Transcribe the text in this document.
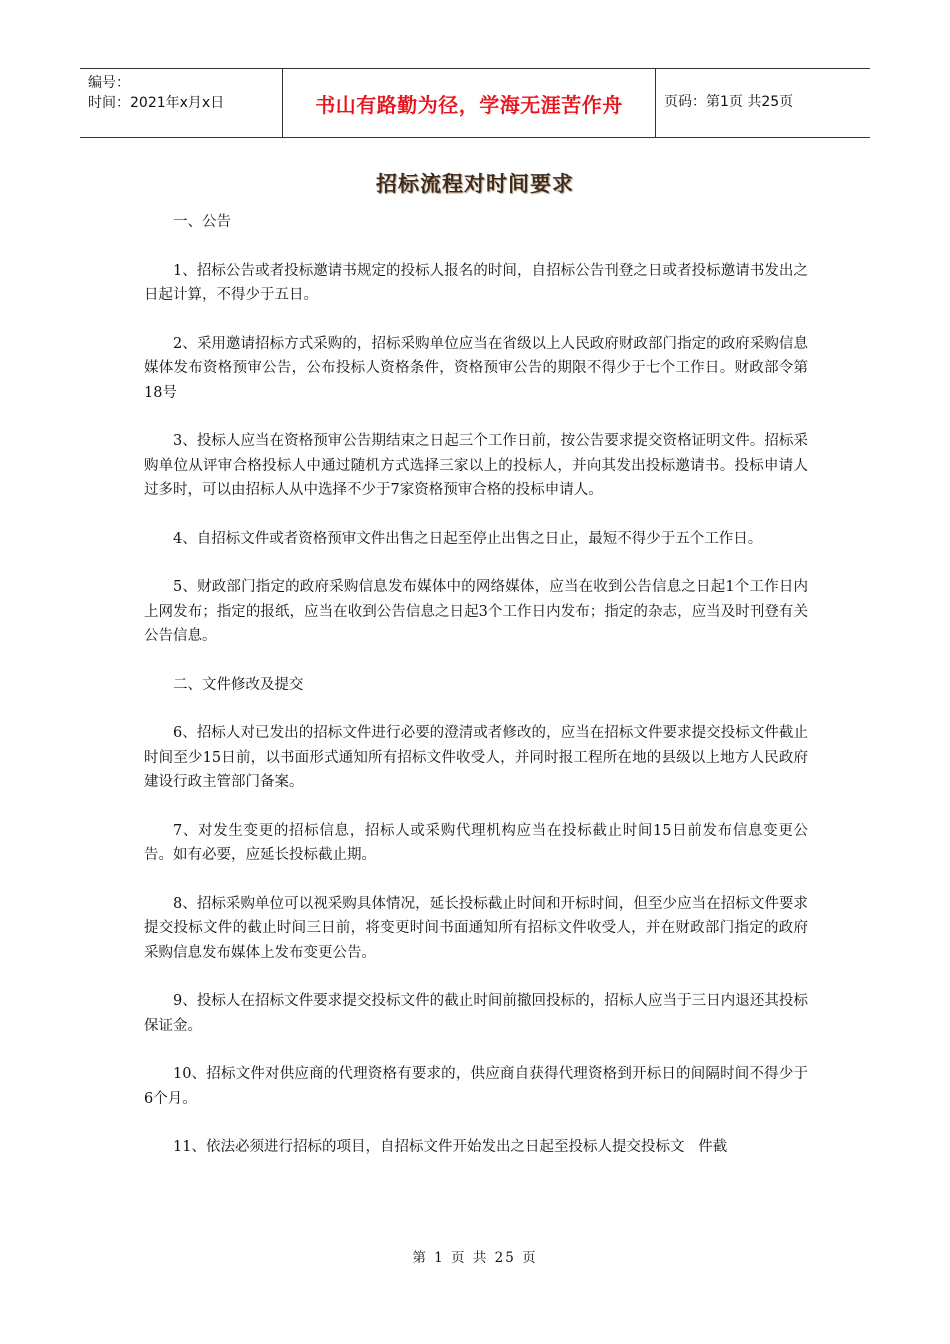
编号：
时间：2021年x月x日	书山有路勤为径，学海无涯苦作舟	页码：第1页 共25页
招标流程对时间要求

一、公告

1、招标公告或者投标邀请书规定的投标人报名的时间，自招标公告刊登之日或者投标邀请书发出之日起计算，不得少于五日。

2、采用邀请招标方式采购的，招标采购单位应当在省级以上人民政府财政部门指定的政府采购信息媒体发布资格预审公告，公布投标人资格条件，资格预审公告的期限不得少于七个工作日。财政部令第18号

3、投标人应当在资格预审公告期结束之日起三个工作日前，按公告要求提交资格证明文件。招标采购单位从评审合格投标人中通过随机方式选择三家以上的投标人，并向其发出投标邀请书。投标申请人过多时，可以由招标人从中选择不少于7家资格预审合格的投标申请人。

4、自招标文件或者资格预审文件出售之日起至停止出售之日止，最短不得少于五个工作日。

5、财政部门指定的政府采购信息发布媒体中的网络媒体，应当在收到公告信息之日起1个工作日内上网发布；指定的报纸，应当在收到公告信息之日起3个工作日内发布；指定的杂志，应当及时刊登有关公告信息。

二、文件修改及提交

6、招标人对已发出的招标文件进行必要的澄清或者修改的，应当在招标文件要求提交投标文件截止时间至少15日前，以书面形式通知所有招标文件收受人，并同时报工程所在地的县级以上地方人民政府建设行政主管部门备案。

7、对发生变更的招标信息，招标人或采购代理机构应当在投标截止时间15日前发布信息变更公告。如有必要，应延长投标截止期。

8、招标采购单位可以视采购具体情况，延长投标截止时间和开标时间，但至少应当在招标文件要求提交投标文件的截止时间三日前，将变更时间书面通知所有招标文件收受人，并在财政部门指定的政府采购信息发布媒体上发布变更公告。

9、投标人在招标文件要求提交投标文件的截止时间前撤回投标的，招标人应当于三日内退还其投标保证金。

10、招标文件对供应商的代理资格有要求的，供应商自获得代理资格到开标日的间隔时间不得少于6个月。

11、依法必须进行招标的项目，自招标文件开始发出之日起至投标人提交投标文   件截

第 1 页 共 25 页
